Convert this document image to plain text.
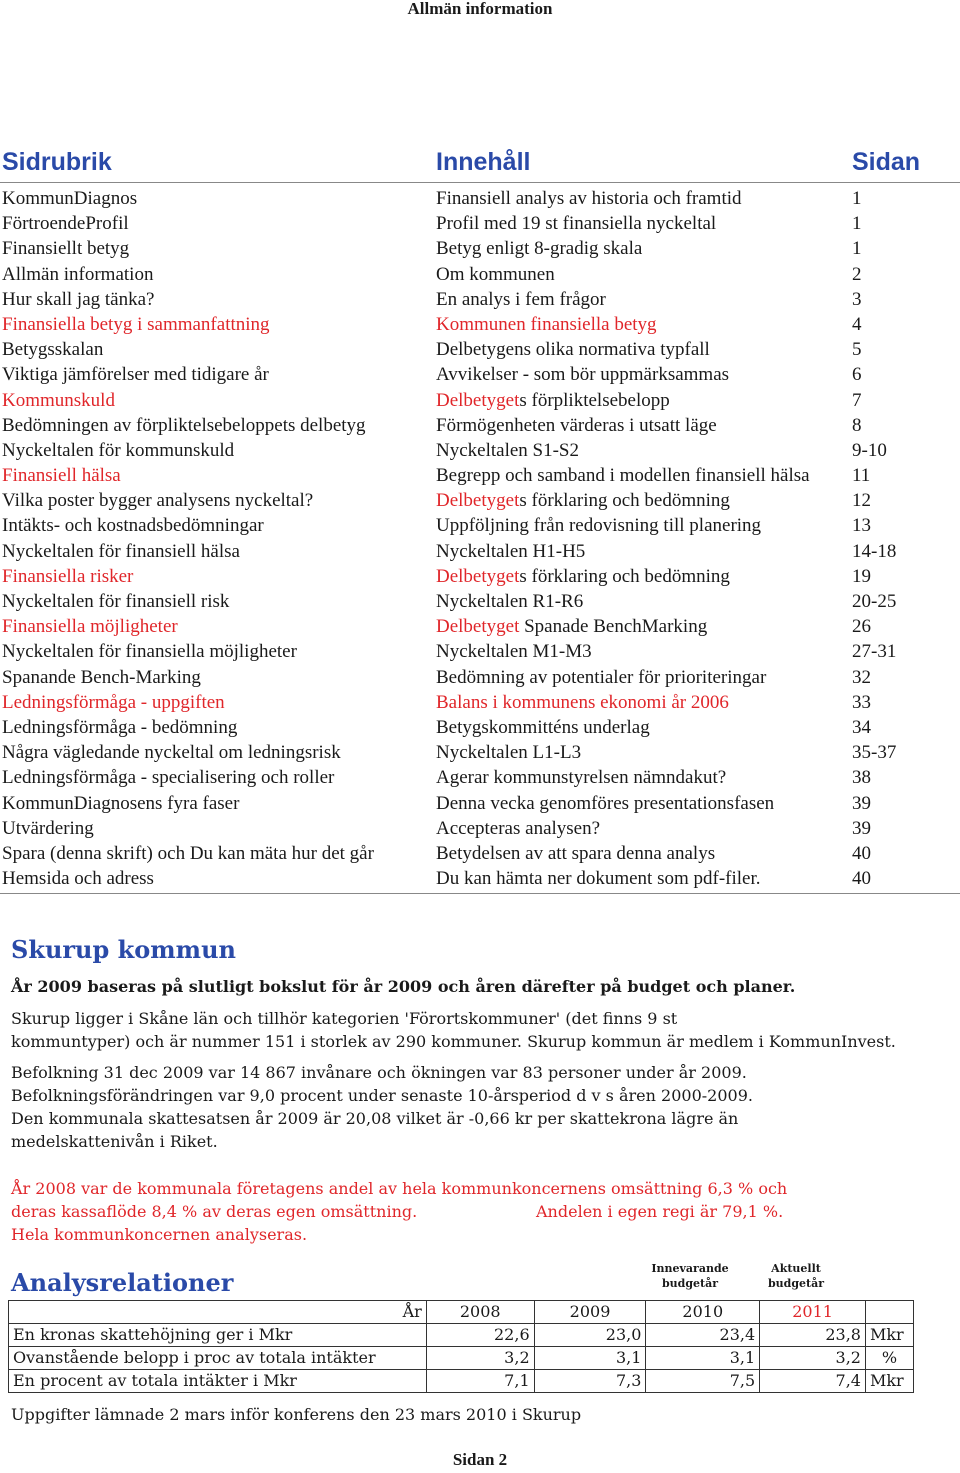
Allmän information
Sidrubrik	Innehåll	Sidan
KommunDiagnos	Finansiell analys av historia och framtid	1
FörtroendeProfil	Profil med 19 st finansiella nyckeltal	1
Finansiellt betyg	Betyg enligt 8-gradig skala	1
Allmän information	Om kommunen	2
Hur skall jag tänka?	En analys i fem frågor	3
Finansiella betyg i sammanfattning	Kommunen finansiella betyg	4
Betygsskalan	Delbetygens olika normativa typfall	5
Viktiga jämförelser med tidigare år	Avvikelser - som bör uppmärksammas	6
Kommunskuld	Delbetygets förpliktelsebelopp	7
Bedömningen av förpliktelsebeloppets delbetyg	Förmögenheten värderas i utsatt läge	8
Nyckeltalen för kommunskuld	Nyckeltalen S1-S2	9-10
Finansiell hälsa	Begrepp och samband i modellen finansiell hälsa 11
Vilka poster bygger analysens nyckeltal?	Delbetygets förklaring och bedömning	12
Intäkts- och kostnadsbedömningar	Uppföljning från redovisning till planering	13
Nyckeltalen för finansiell hälsa	Nyckeltalen H1-H5	14-18
Finansiella risker	Delbetygets förklaring och bedömning	19
Nyckeltalen för finansiell risk	Nyckeltalen R1-R6	20-25
Finansiella möjligheter	Delbetyget Spanade BenchMarking	26
Nyckeltalen för finansiella möjligheter	Nyckeltalen M1-M3	27-31
Spanande Bench-Marking	Bedömning av potentialer för prioriteringar	32
Ledningsförmåga - uppgiften	Balans i kommunens ekonomi år 2006	33
Ledningsförmåga - bedömning	Betygskommitténs underlag	34
Några vägledande nyckeltal om ledningsrisk	Nyckeltalen L1-L3	35-37
Ledningsförmåga - specialisering och roller	Agerar kommunstyrelsen nämndakut?	38
KommunDiagnosens fyra faser	Denna vecka genomföres presentationsfasen	39
Utvärdering	Accepteras analysen?	39
Spara (denna skrift) och Du kan mäta hur det går	Betydelsen av att spara denna analys	40
Hemsida och adress	Du kan hämta ner dokument som pdf-filer.	40
Skurup kommun
År 2009 baseras på slutligt bokslut för år 2009 och åren därefter på budget och planer.
Skurup ligger i Skåne län och tillhör kategorien 'Förortskommuner' (det finns 9 st
kommuntyper) och är nummer 151 i storlek av 290 kommuner. Skurup kommun är medlem i KommunInvest.
Befolkning 31 dec 2009 var 14 867 invånare och ökningen var 83 personer under år 2009.
Befolkningsförändringen var 9,0 procent under senaste 10-årsperiod d v s åren 2000-2009.
Den kommunala skattesatsen år 2009 är 20,08 vilket är -0,66 kr per skattekrona lägre än
medelskattenivån i Riket.
År 2008 var de kommunala företagens andel av hela kommunkoncernens omsättning 6,3 % och
deras kassaflöde 8,4 % av deras egen omsättning.	Andelen i egen regi är 79,1 %.
Hela kommunkoncernen analyseras.
Analysrelationer	Innevarande
budgetår
Aktuellt
budgetår
År	2008	2009	2010	2011	
En kronas skattehöjning ger i Mkr	22,6	23,0	23,4	23,8	Mkr
Ovanstående belopp i proc av totala intäkter	3,2	3,1	3,1	3,2	%
En procent av totala intäkter i Mkr	7,1	7,3	7,5	7,4	Mkr
Uppgifter lämnade 2 mars inför konferens den 23 mars 2010 i Skurup
Sidan 2
